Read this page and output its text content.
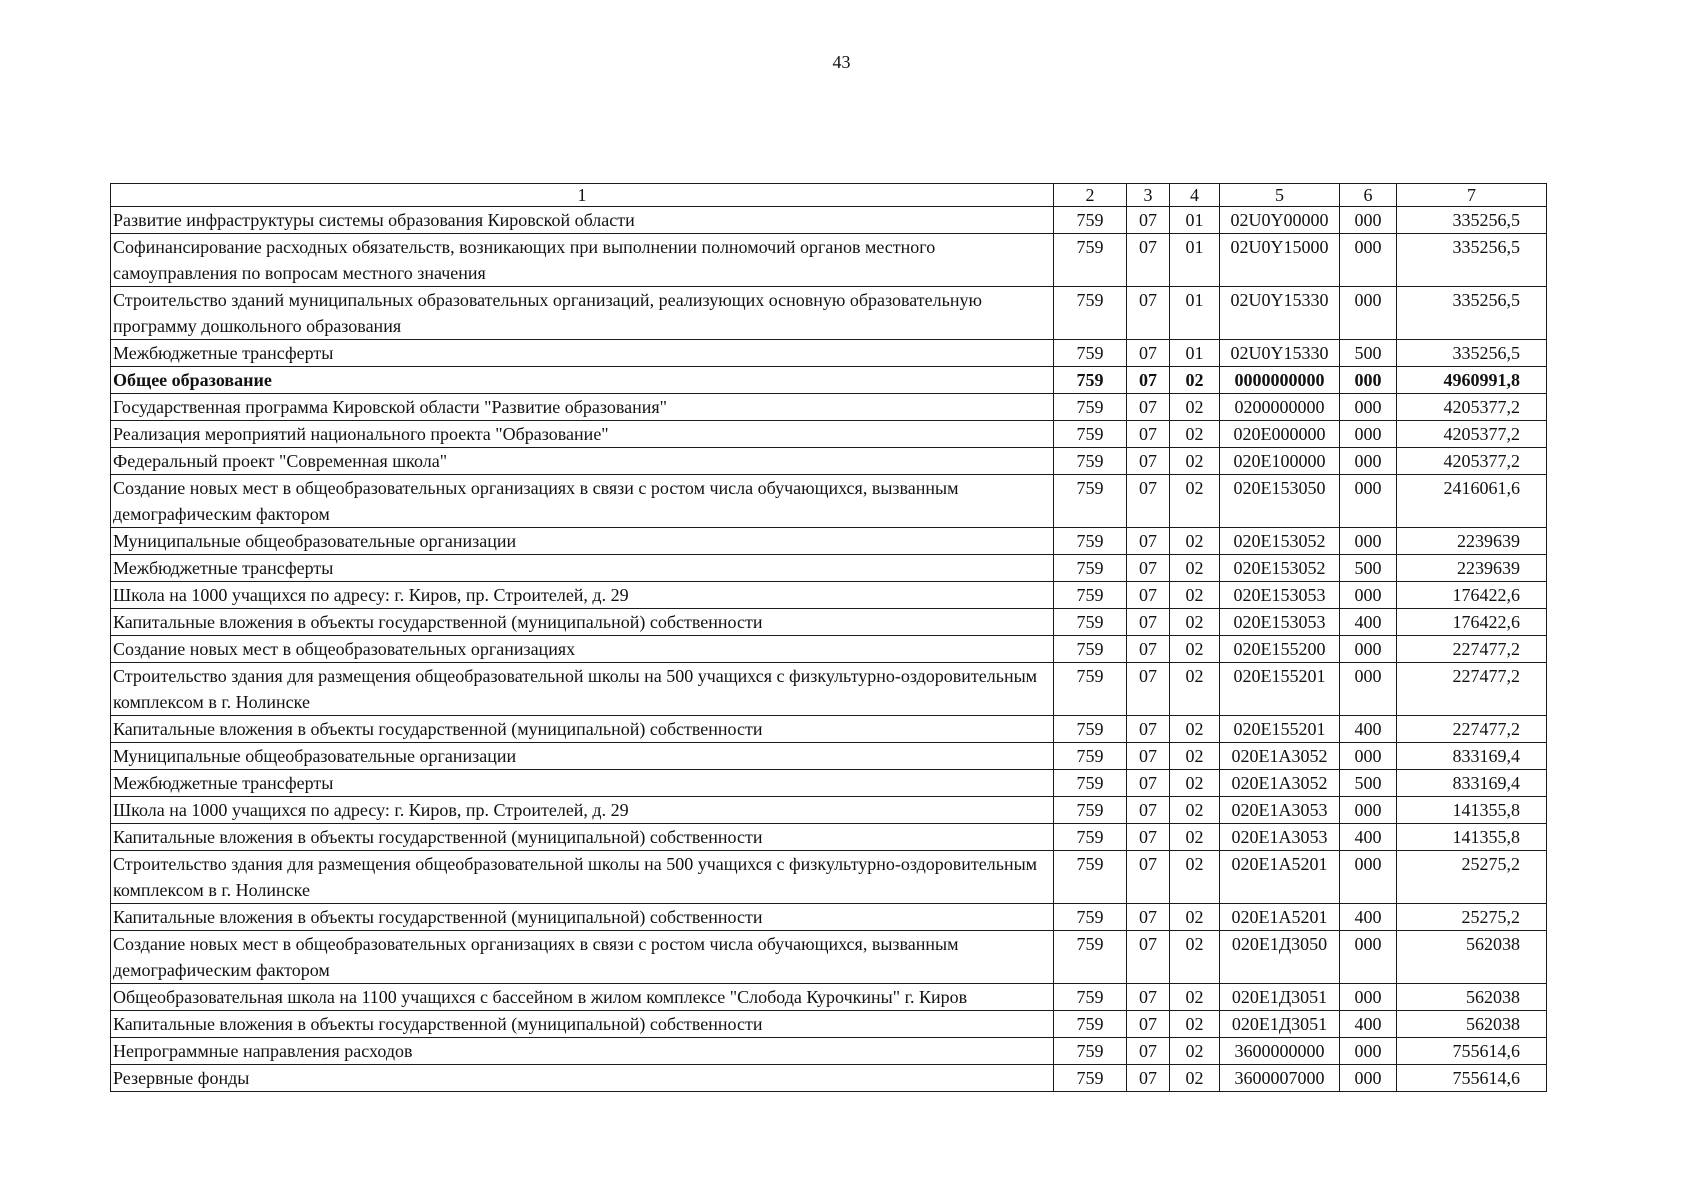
43
1	2	3	4	5	6	7
Развитие инфраструктуры системы образования Кировской области	759	07	01	02U0Y00000	000	335256,5
Софинансирование расходных обязательств, возникающих при выполнении полномочий органов местного самоуправления по вопросам местного значения	759	07	01	02U0Y15000	000	335256,5
Строительство зданий муниципальных образовательных организаций, реализующих основную образовательную программу дошкольного образования	759	07	01	02U0Y15330	000	335256,5
Межбюджетные трансферты	759	07	01	02U0Y15330	500	335256,5
Общее образование	759	07	02	0000000000	000	4960991,8
Государственная программа Кировской области "Развитие образования"	759	07	02	0200000000	000	4205377,2
Реализация мероприятий национального проекта "Образование"	759	07	02	020E000000	000	4205377,2
Федеральный проект "Современная школа"	759	07	02	020E100000	000	4205377,2
Создание новых мест в общеобразовательных организациях в связи с ростом числа обучающихся, вызванным демографическим фактором	759	07	02	020E153050	000	2416061,6
Муниципальные общеобразовательные организации	759	07	02	020E153052	000	2239639
Межбюджетные трансферты	759	07	02	020E153052	500	2239639
Школа на 1000 учащихся по адресу: г. Киров, пр. Строителей, д. 29	759	07	02	020E153053	000	176422,6
Капитальные вложения в объекты государственной (муниципальной) собственности	759	07	02	020E153053	400	176422,6
Создание новых мест в общеобразовательных организациях	759	07	02	020E155200	000	227477,2
Строительство здания для размещения общеобразовательной школы на 500 учащихся с физкультурно-оздоровительным комплексом в г. Нолинске	759	07	02	020E155201	000	227477,2
Капитальные вложения в объекты государственной (муниципальной) собственности	759	07	02	020E155201	400	227477,2
Муниципальные общеобразовательные организации	759	07	02	020E1A3052	000	833169,4
Межбюджетные трансферты	759	07	02	020E1A3052	500	833169,4
Школа на 1000 учащихся по адресу: г. Киров, пр. Строителей, д. 29	759	07	02	020E1A3053	000	141355,8
Капитальные вложения в объекты государственной (муниципальной) собственности	759	07	02	020E1A3053	400	141355,8
Строительство здания для размещения общеобразовательной школы на 500 учащихся с физкультурно-оздоровительным комплексом в г. Нолинске	759	07	02	020E1A5201	000	25275,2
Капитальные вложения в объекты государственной (муниципальной) собственности	759	07	02	020E1A5201	400	25275,2
Создание новых мест в общеобразовательных организациях в связи с ростом числа обучающихся, вызванным демографическим фактором	759	07	02	020E1Д3050	000	562038
Общеобразовательная школа на 1100 учащихся с бассейном в жилом комплексе "Слобода Курочкины" г. Киров	759	07	02	020E1Д3051	000	562038
Капитальные вложения в объекты государственной (муниципальной) собственности	759	07	02	020E1Д3051	400	562038
Непрограммные направления расходов	759	07	02	3600000000	000	755614,6
Резервные фонды	759	07	02	3600007000	000	755614,6
